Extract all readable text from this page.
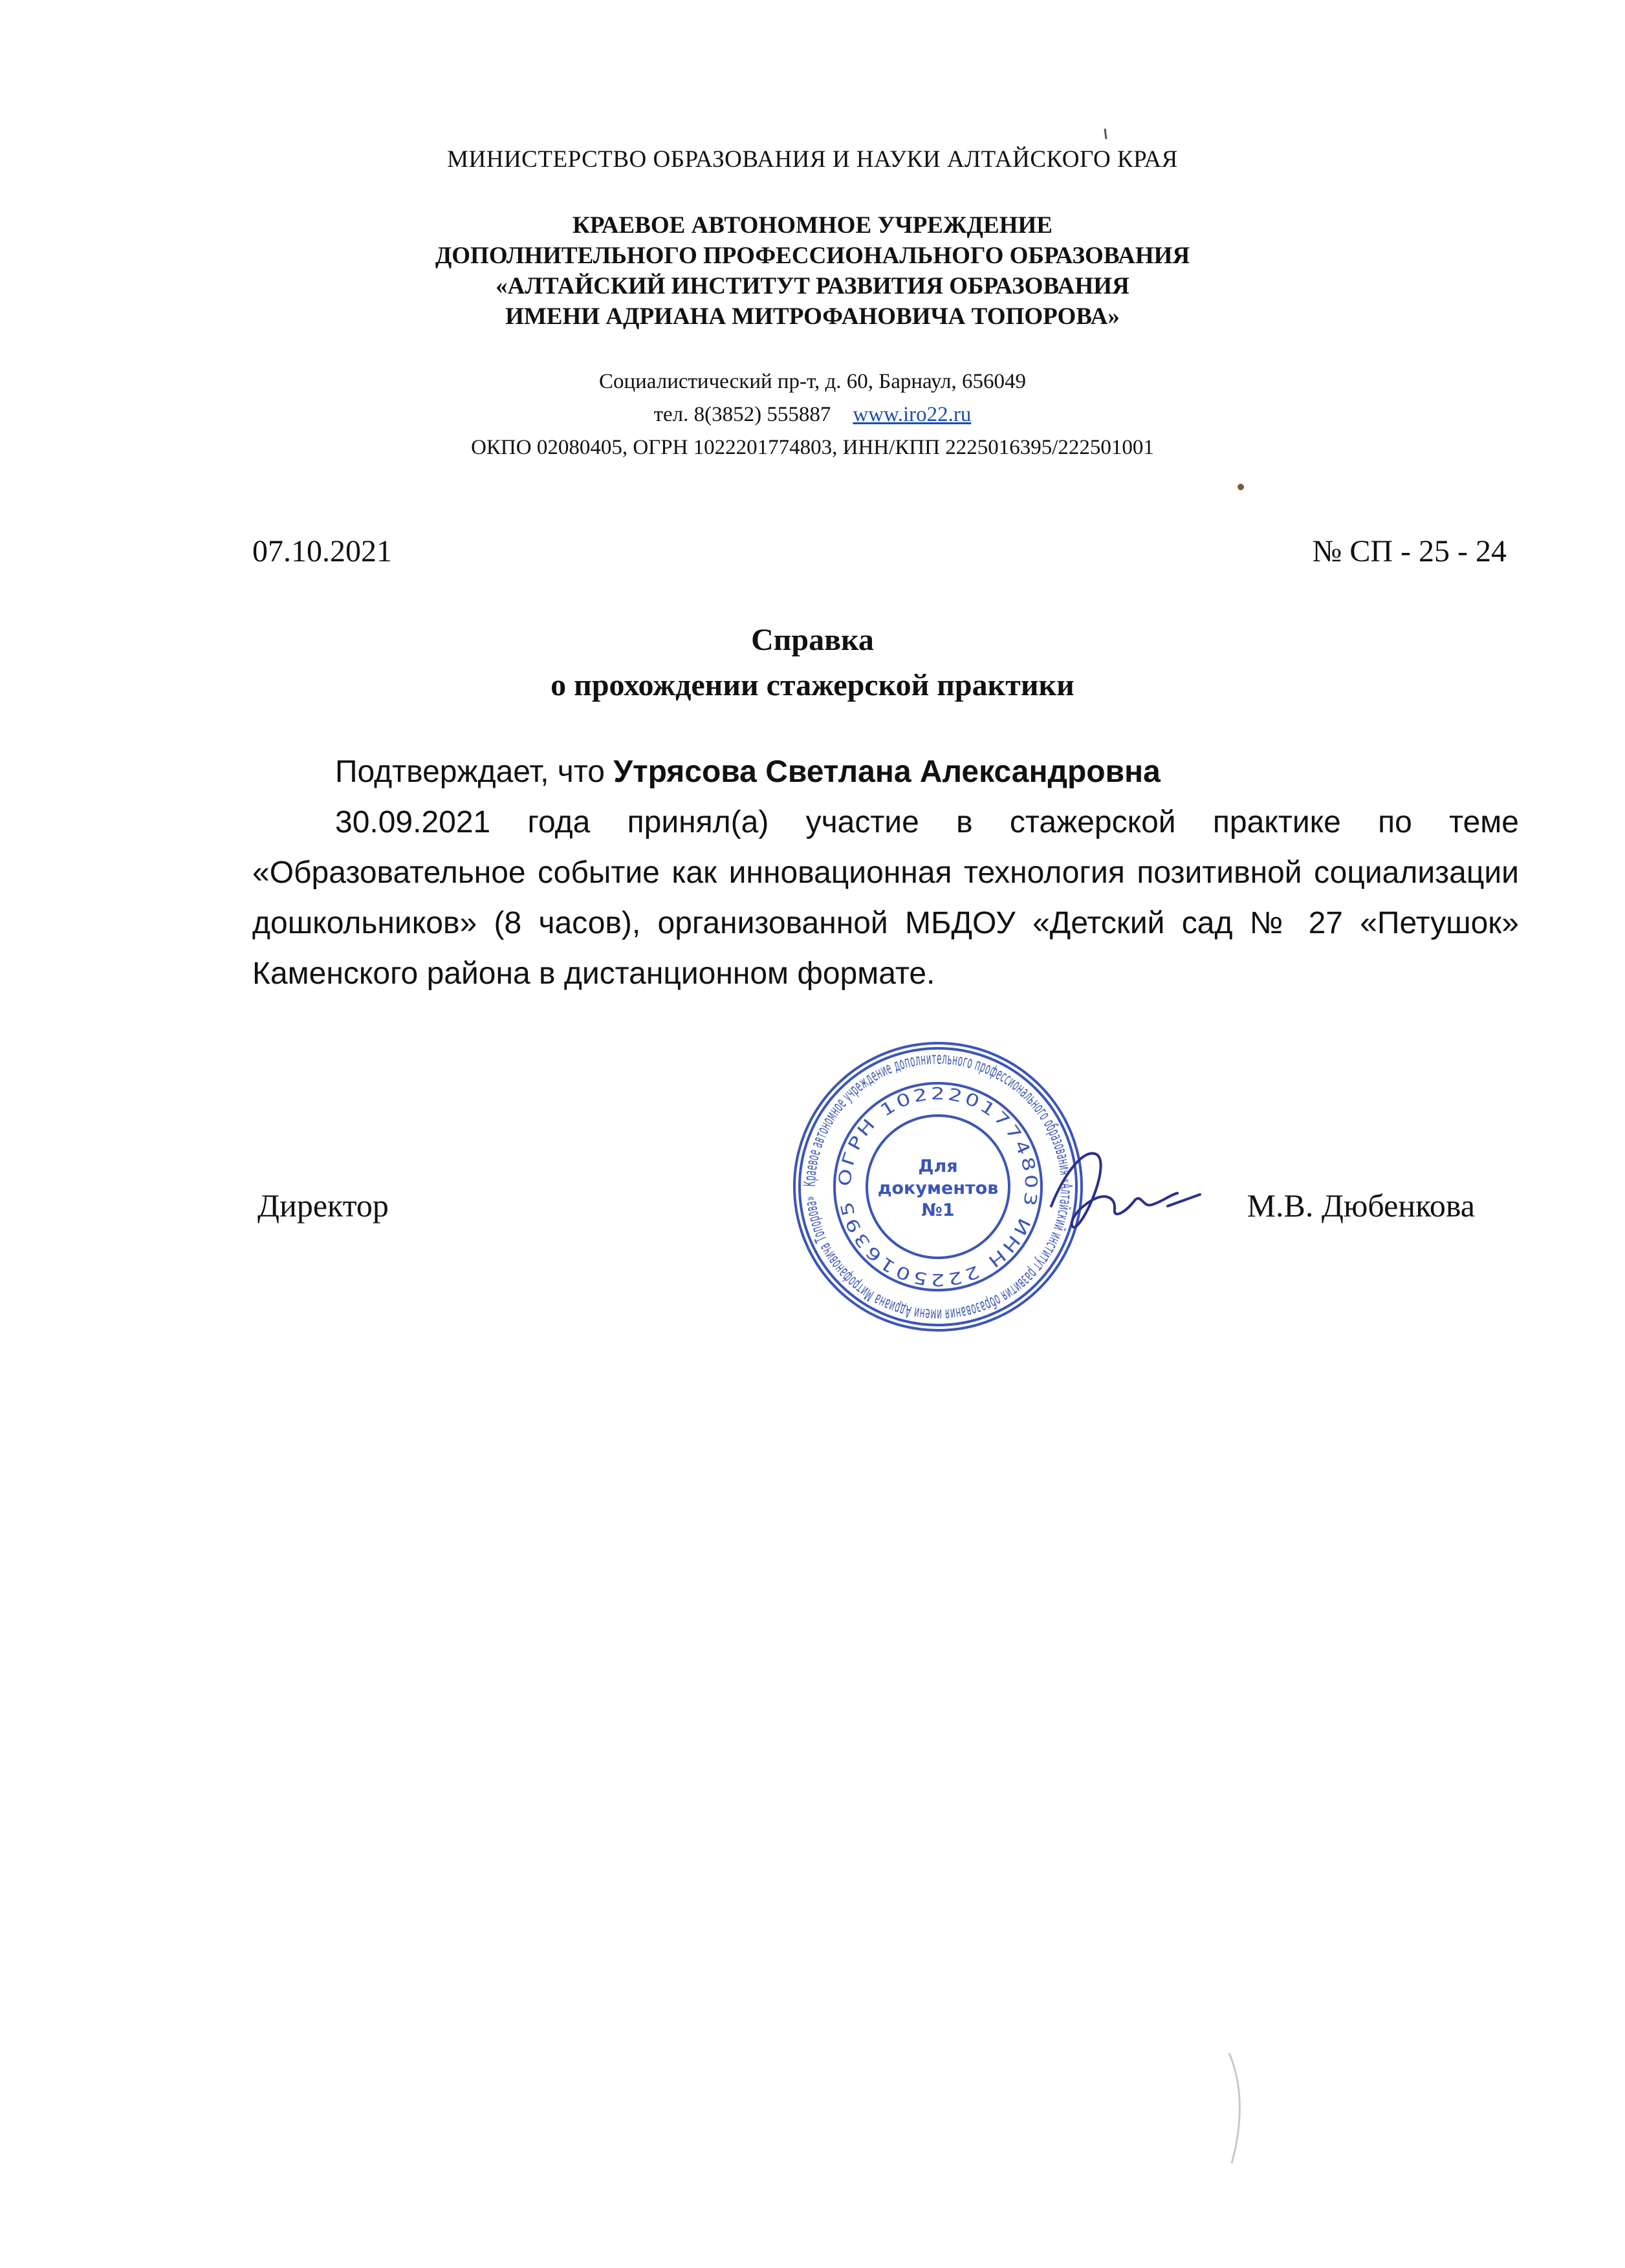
МИНИСТЕРСТВО ОБРАЗОВАНИЯ И НАУКИ АЛТАЙСКОГО КРАЯ
КРАЕВОЕ АВТОНОМНОЕ УЧРЕЖДЕНИЕ
ДОПОЛНИТЕЛЬНОГО ПРОФЕССИОНАЛЬНОГО ОБРАЗОВАНИЯ
«АЛТАЙСКИЙ ИНСТИТУТ РАЗВИТИЯ ОБРАЗОВАНИЯ
ИМЕНИ АДРИАНА МИТРОФАНОВИЧА ТОПОРОВА»
Социалистический пр-т, д. 60, Барнаул, 656049
тел. 8(3852) 555887 www.iro22.ru
ОКПО 02080405, ОГРН 1022201774803, ИНН/КПП 2225016395/222501001
07.10.2021	№ СП - 25 - 24
Справка
о прохождении стажерской практики

Подтверждает, что Утрясова Светлана Александровна

30.09.2021 года принял(а) участие в стажерской практике по теме «Образовательное событие как инновационная технология позитивной социализации дошкольников» (8 часов), организованной МБДОУ «Детский сад № 27 «Петушок» Каменского района в дистанционном формате.

Директор	М.В. Дюбенкова
Краевое автономное учреждение дополнительного профессионального образования «Алтайский институт развития образования имени Адриана Митрофановича Топорова»
ОГРН 1022201774803 ИНН 2225016395
Для
документов
№1
